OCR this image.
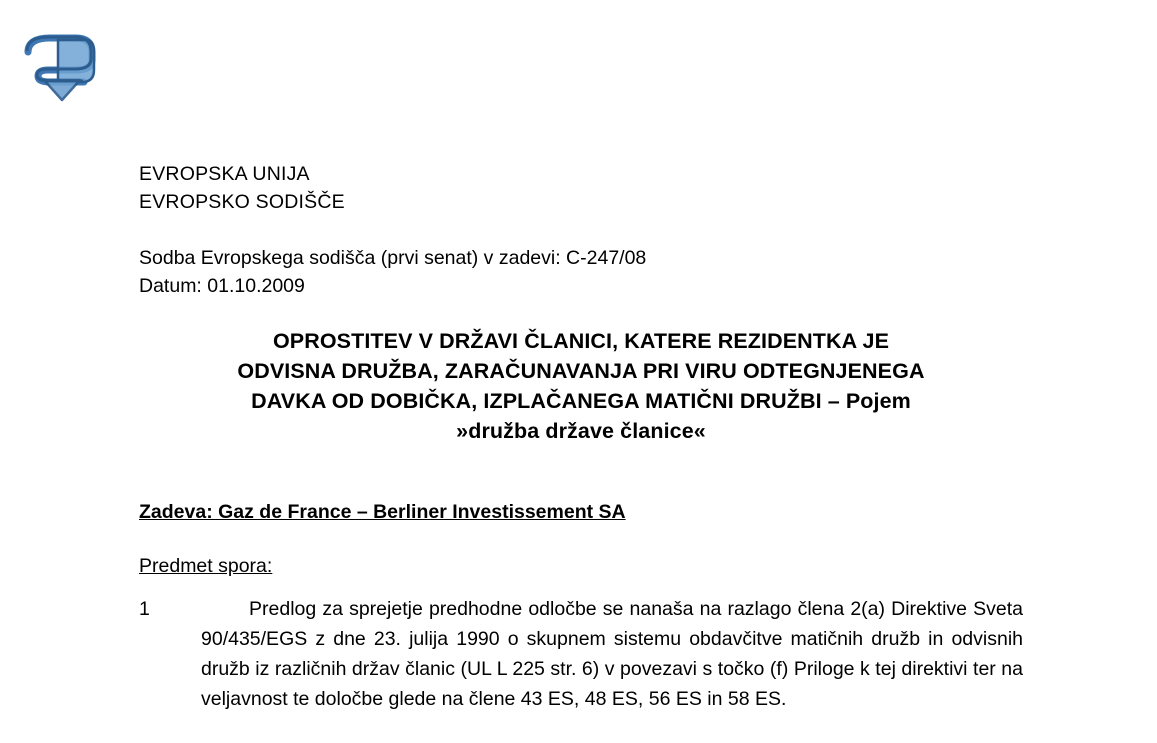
EVROPSKA UNIJA
EVROPSKO SODIŠČE
Sodba Evropskega sodišča (prvi senat) v zadevi: C-247/08
Datum: 01.10.2009
OPROSTITEV V DRŽAVI ČLANICI, KATERE REZIDENTKA JE
ODVISNA DRUŽBA, ZARAČUNAVANJA PRI VIRU ODTEGNJENEGA
DAVKA OD DOBIČKA, IZPLAČANEGA MATIČNI DRUŽBI – Pojem
»družba države članice«
Zadeva: Gaz de France – Berliner Investissement SA
Predmet spora:
1	Predlog za sprejetje predhodne odločbe se nanaša na razlago člena 2(a) Direktive Sveta 90/435/EGS z dne 23. julija 1990 o skupnem sistemu obdavčitve matičnih družb in odvisnih družb iz različnih držav članic (UL L 225 str. 6) v povezavi s točko (f) Priloge k tej direktivi ter na veljavnost te določbe glede na člene 43 ES, 48 ES, 56 ES in 58 ES.
